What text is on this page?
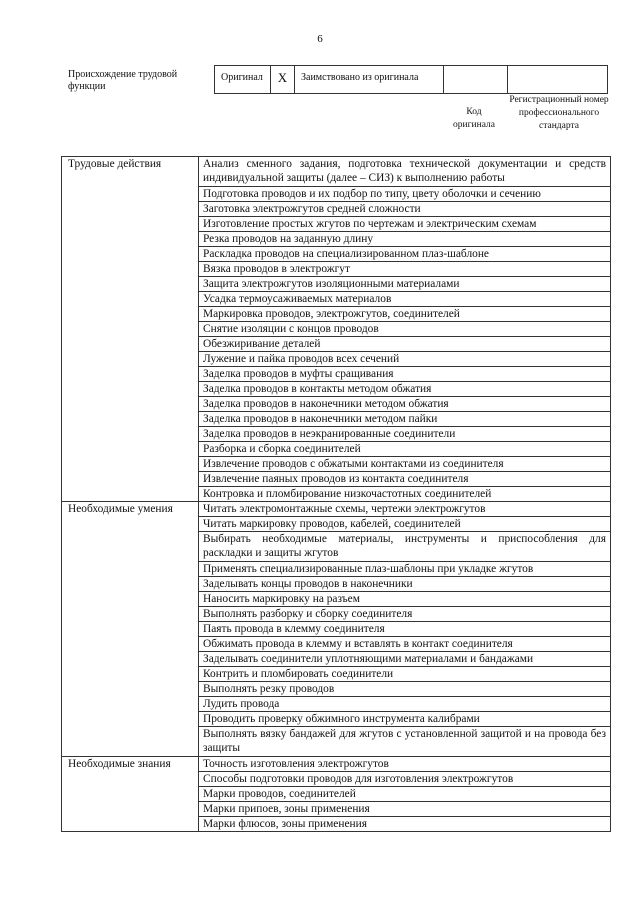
6
Происхождение трудовой функции
Оригинал	X	Заимствовано из оригинала
Код оригинала
Регистрационный номер профессионального стандарта
Трудовые действия	Анализ сменного задания, подготовка технической документации и средств индивидуальной защиты (далее – СИЗ) к выполнению работы
	Подготовка проводов и их подбор по типу, цвету оболочки и сечению
	Заготовка электрожгутов средней сложности
	Изготовление простых жгутов по чертежам и электрическим схемам
	Резка проводов на заданную длину
	Раскладка проводов на специализированном плаз-шаблоне
	Вязка проводов в электрожгут
	Защита электрожгутов изоляционными материалами
	Усадка термоусаживаемых материалов
	Маркировка проводов, электрожгутов, соединителей
	Снятие изоляции с концов проводов
	Обезжиривание деталей
	Лужение и пайка проводов всех сечений
	Заделка проводов в муфты сращивания
	Заделка проводов в контакты методом обжатия
	Заделка проводов в наконечники методом обжатия
	Заделка проводов в наконечники методом пайки
	Заделка проводов в неэкранированные соединители
	Разборка и сборка соединителей
	Извлечение проводов с обжатыми контактами из соединителя
	Извлечение паяных проводов из контакта соединителя
	Контровка и пломбирование низкочастотных соединителей
Необходимые умения	Читать электромонтажные схемы, чертежи электрожгутов
	Читать маркировку проводов, кабелей, соединителей
	Выбирать необходимые материалы, инструменты и приспособления для раскладки и защиты жгутов
	Применять специализированные плаз-шаблоны при укладке жгутов
	Заделывать концы проводов в наконечники
	Наносить маркировку на разъем
	Выполнять разборку и сборку соединителя
	Паять провода в клемму соединителя
	Обжимать провода в клемму и вставлять в контакт соединителя
	Заделывать соединители уплотняющими материалами и бандажами
	Контрить и пломбировать соединители
	Выполнять резку проводов
	Лудить провода
	Проводить проверку обжимного инструмента калибрами
	Выполнять вязку бандажей для жгутов с установленной защитой и на провода без защиты
Необходимые знания	Точность изготовления электрожгутов
	Способы подготовки проводов для изготовления электрожгутов
	Марки проводов, соединителей
	Марки припоев, зоны применения
	Марки флюсов, зоны применения
